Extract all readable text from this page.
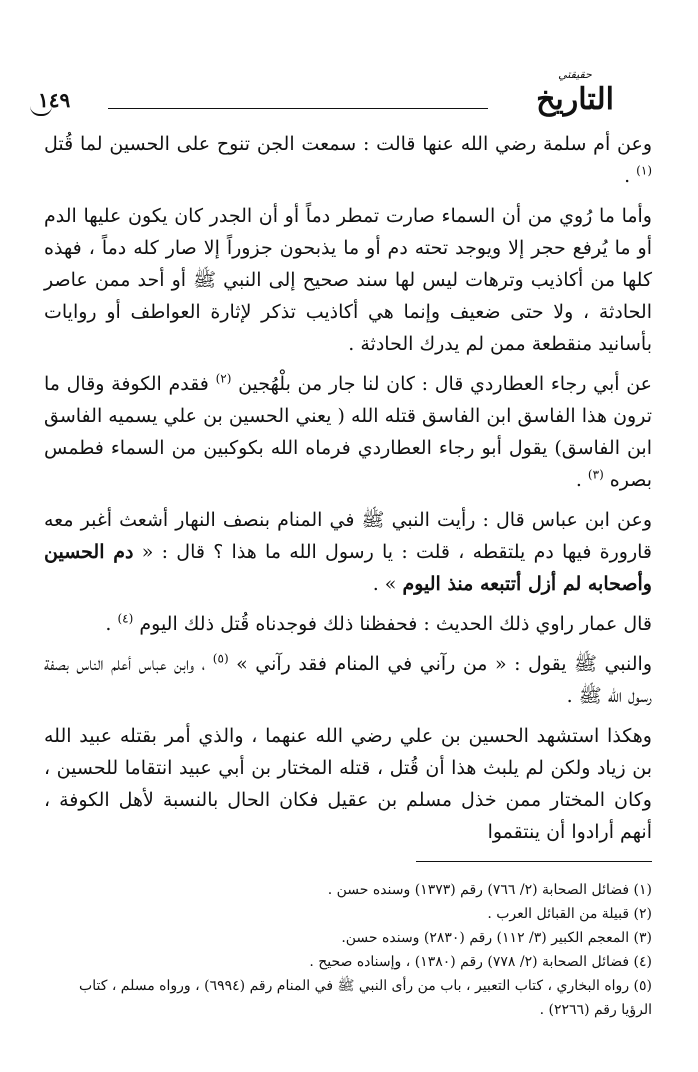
حقيقتي
التاريخ
١٤٩

وعن أم سلمة رضي الله عنها قالت : سمعت الجن تنوح على الحسين لما قُتل $^{(١)}$ .

وأما ما رُوي من أن السماء صارت تمطر دماً أو أن الجدر كان يكون عليها الدم أو ما يُرفع حجر إلا ويوجد تحته دم أو ما يذبحون جزوراً إلا صار كله دماً ، فهذه كلها من أكاذيب وترهات ليس لها سند صحيح إلى النبي ﷺ أو أحد ممن عاصر الحادثة ، ولا حتى ضعيف وإنما هي أكاذيب تذكر لإثارة العواطف أو روايات بأسانيد منقطعة ممن لم يدرك الحادثة .

عن أبي رجاء العطاردي قال : كان لنا جار من بلْهُجين $^{(٢)}$ فقدم الكوفة وقال ما ترون هذا الفاسق ابن الفاسق قتله الله ( يعني الحسين بن علي يسميه الفاسق ابن الفاسق) يقول أبو رجاء العطاردي فرماه الله بكوكبين من السماء فطمس بصره $^{(٣)}$ .

وعن ابن عباس قال : رأيت النبي ﷺ في المنام بنصف النهار أشعث أغبر معه قارورة فيها دم يلتقطه ، قلت : يا رسول الله ما هذا ؟ قال : « دم الحسين وأصحابه لم أزل أتتبعه منذ اليوم » .

قال عمار راوي ذلك الحديث : فحفظنا ذلك فوجدناه قُتل ذلك اليوم $^{(٤)}$ .

والنبي ﷺ يقول : « من رآني في المنام فقد رآني » $^{(٥)}$ ، وابن عباس أعلم الناس بصفة رسول الله ﷺ .

وهكذا استشهد الحسين بن علي رضي الله عنهما ، والذي أمر بقتله عبيد الله بن زياد ولكن لم يلبث هذا أن قُتل ، قتله المختار بن أبي عبيد انتقاما للحسين ، وكان المختار ممن خذل مسلم بن عقيل فكان الحال بالنسبة لأهل الكوفة ، أنهم أرادوا أن ينتقموا

(١) فضائل الصحابة (٢/ ٧٦٦) رقم (١٣٧٣) وسنده حسن .

(٢) قبيلة من القبائل العرب .

(٣) المعجم الكبير (٣/ ١١٢) رقم (٢٨٣٠) وسنده حسن.

(٤) فضائل الصحابة (٢/ ٧٧٨) رقم (١٣٨٠) ، وإسناده صحيح .

(٥) رواه البخاري ، كتاب التعبير ، باب من رأى النبي ﷺ في المنام رقم (٦٩٩٤) ، ورواه مسلم ، كتاب الرؤيا رقم (٢٢٦٦) .
